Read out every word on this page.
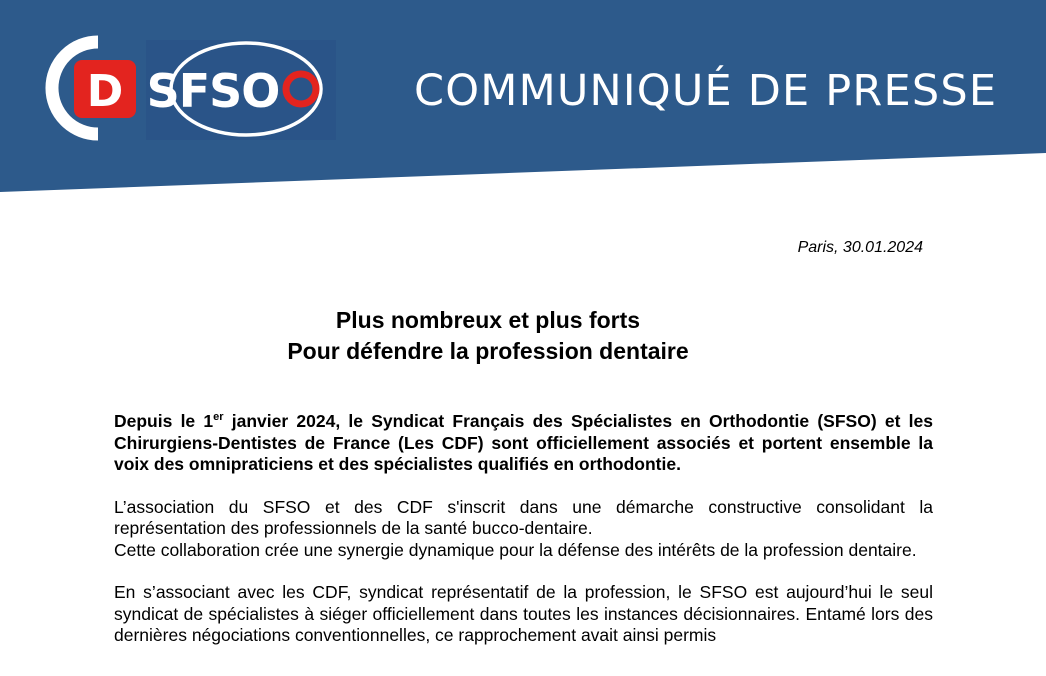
D SFSO	COMMUNIQUÉ DE PRESSE
Paris, 30.01.2024
Plus nombreux et plus forts
Pour défendre la profession dentaire

Depuis le 1er janvier 2024, le Syndicat Français des Spécialistes en Orthodontie (SFSO) et les Chirurgiens-Dentistes de France (Les CDF) sont officiellement associés et portent ensemble la voix des omnipraticiens et des spécialistes qualifiés en orthodontie.

L’association du SFSO et des CDF s'inscrit dans une démarche constructive consolidant la représentation des professionnels de la santé bucco-dentaire.

Cette collaboration crée une synergie dynamique pour la défense des intérêts de la profession dentaire.

En s’associant avec les CDF, syndicat représentatif de la profession, le SFSO est aujourd’hui le seul syndicat de spécialistes à siéger officiellement dans toutes les instances décisionnaires. Entamé lors des dernières négociations conventionnelles, ce rapprochement avait ainsi permis
